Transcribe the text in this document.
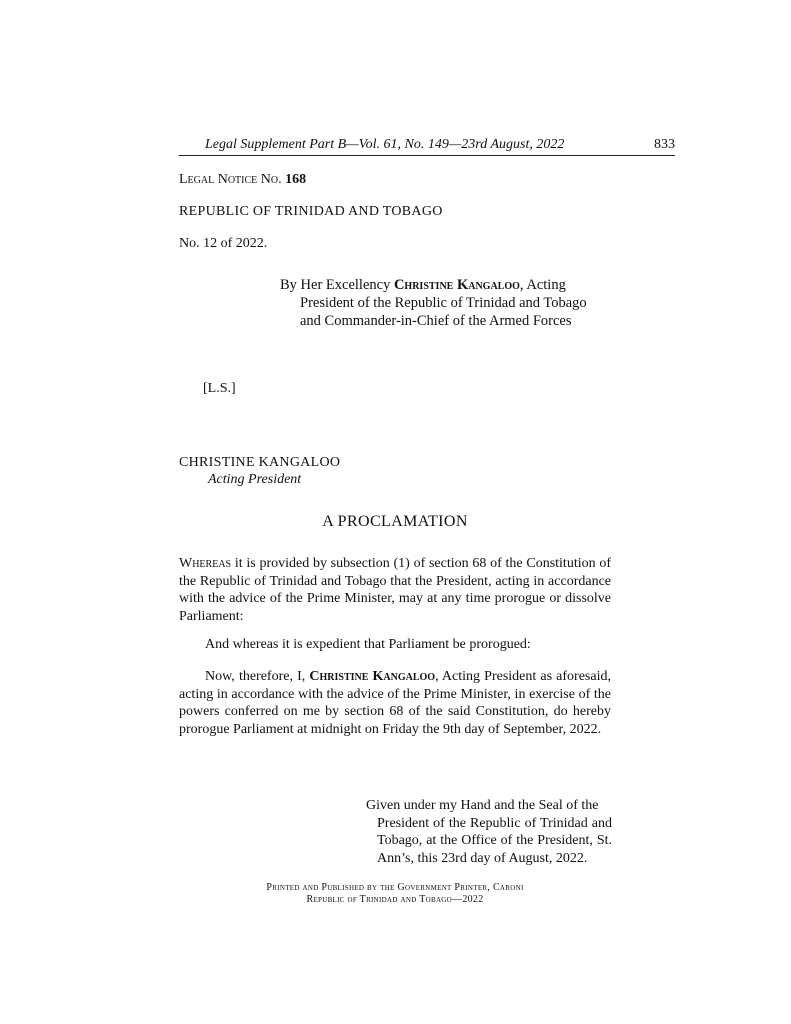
Legal Supplement Part B—Vol. 61, No. 149—23rd August, 2022	833
Legal Notice No. 168
REPUBLIC OF TRINIDAD AND TOBAGO
No. 12 of 2022.
By Her Excellency Christine Kangaloo, Acting
President of the Republic of Trinidad and Tobago
and Commander-in-Chief of the Armed Forces
[L.S.]
CHRISTINE KANGALOO
Acting President
A PROCLAMATION

Whereas it is provided by subsection (1) of section 68 of the Constitution of the Republic of Trinidad and Tobago that the President, acting in accordance with the advice of the Prime Minister, may at any time prorogue or dissolve Parliament:

And whereas it is expedient that Parliament be prorogued:

Now, therefore, I, Christine Kangaloo, Acting President as aforesaid, acting in accordance with the advice of the Prime Minister, in exercise of the powers conferred on me by section 68 of the said Constitution, do hereby prorogue Parliament at midnight on Friday the 9th day of September, 2022.

Given under my Hand and the Seal of the
President of the Republic of Trinidad and Tobago, at the Office of the President, St. Ann’s, this 23rd day of August, 2022.
Printed and Published by the Government Printer, Caroni
Republic of Trinidad and Tobago—2022
